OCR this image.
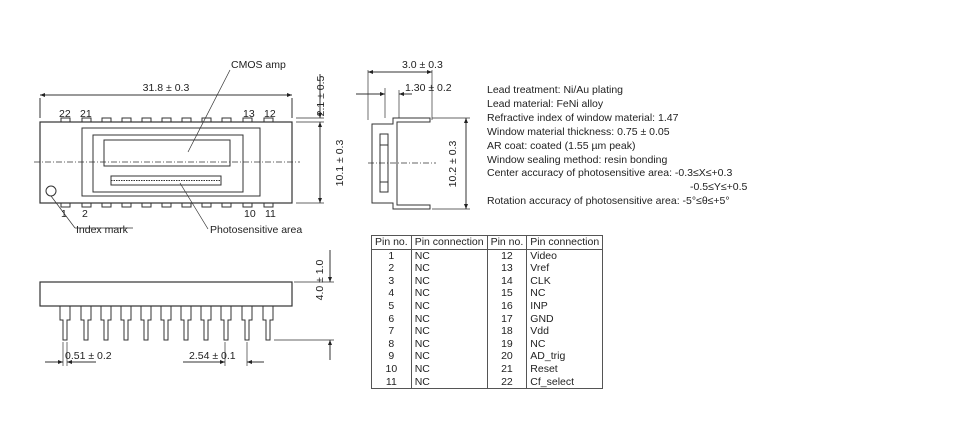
31.8 ± 0.3
CMOS amp
22 21	13 12
1 2	10 11
Index mark	Photosensitive area
2.1 ± 0.5
10.1 ± 0.3
3.0 ± 0.3
1.30 ± 0.2
10.2 ± 0.3
4.0 ± 1.0
0.51 ± 0.2	2.54 ± 0.1
Lead treatment: Ni/Au plating
Lead material: FeNi alloy
Refractive index of window material: 1.47
Window material thickness: 0.75 ± 0.05
AR coat: coated (1.55 µm peak)
Window sealing method: resin bonding
Center accuracy of photosensitive area: -0.3≤X≤+0.3
-0.5≤Y≤+0.5
Rotation accuracy of photosensitive area: -5°≤θ≤+5°
Pin no.	Pin connection	Pin no.	Pin connection
1	NC	12	Video
2	NC	13	Vref
3	NC	14	CLK
4	NC	15	NC
5	NC	16	INP
6	NC	17	GND
7	NC	18	Vdd
8	NC	19	NC
9	NC	20	AD_trig
10	NC	21	Reset
11	NC	22	Cf_select
